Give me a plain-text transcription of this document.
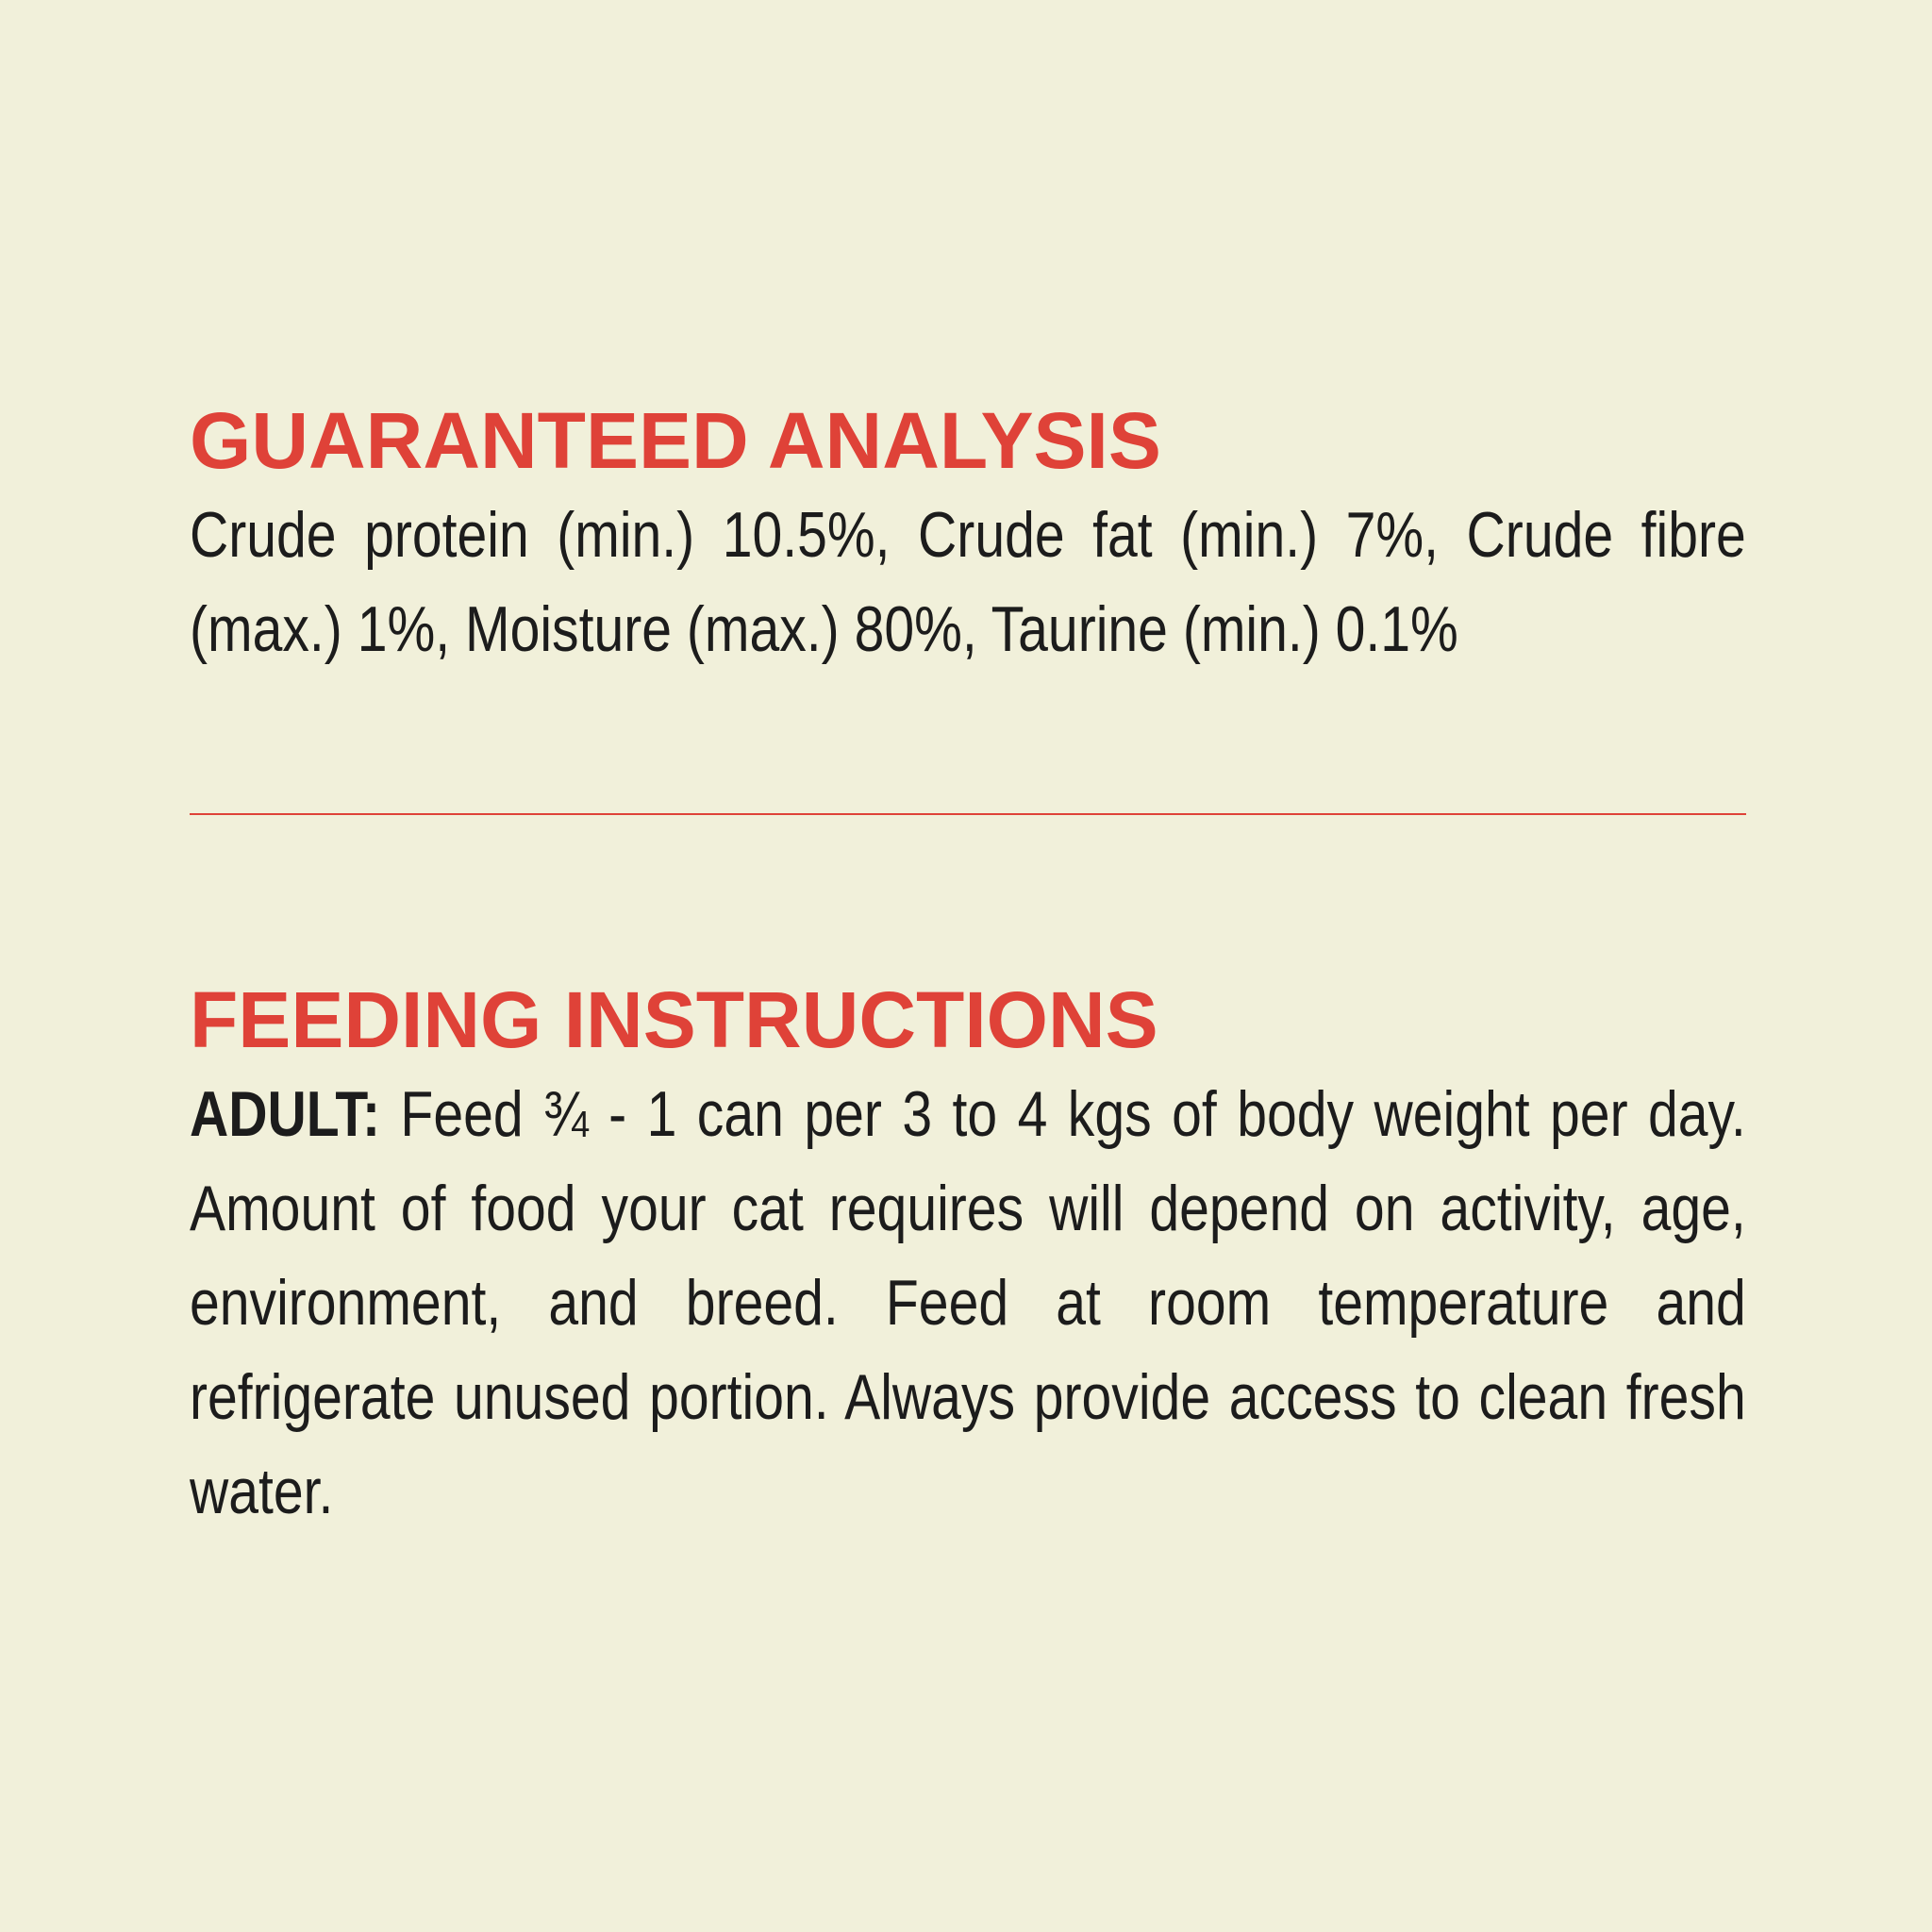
GUARANTEED ANALYSIS

Crude protein (min.) 10.5%, Crude fat (min.) 7%, Crude fibre (max.) 1%, Moisture (max.) 80%, Taurine (min.) 0.1%

FEEDING INSTRUCTIONS

ADULT: Feed ¾ - 1 can per 3 to 4 kgs of body weight per day. Amount of food your cat requires will depend on activity, age, environment, and breed. Feed at room temperature and refrigerate unused portion. Always provide access to clean fresh water.
